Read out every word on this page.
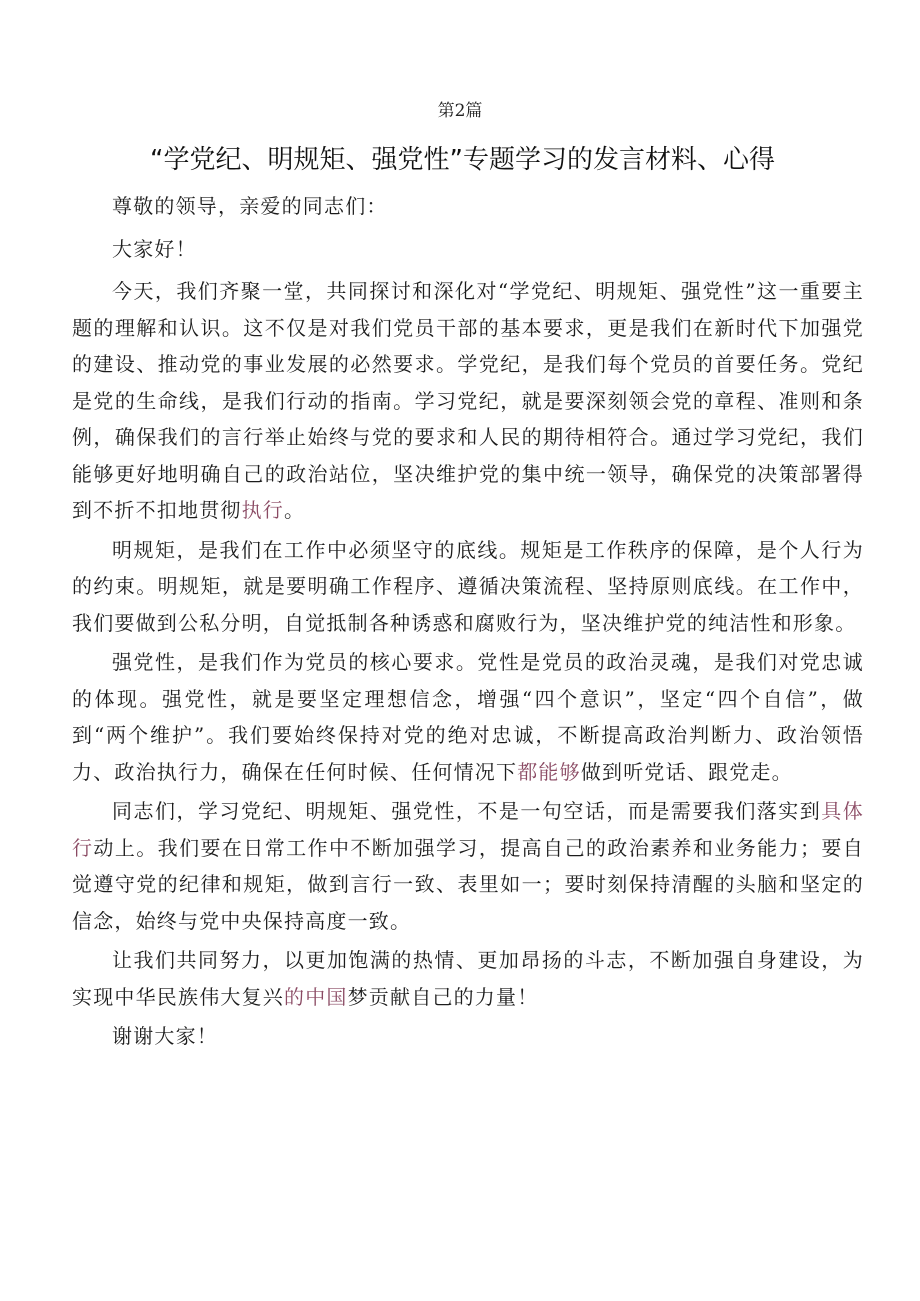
第2篇
“学党纪、明规矩、强党性”专题学习的发言材料、心得

尊敬的领导，亲爱的同志们：

大家好！

今天，我们齐聚一堂，共同探讨和深化对“学党纪、明规矩、强党性”这一重要主题的理解和认识。这不仅是对我们党员干部的基本要求，更是我们在新时代下加强党的建设、推动党的事业发展的必然要求。学党纪，是我们每个党员的首要任务。党纪是党的生命线，是我们行动的指南。学习党纪，就是要深刻领会党的章程、准则和条例，确保我们的言行举止始终与党的要求和人民的期待相符合。通过学习党纪，我们能够更好地明确自己的政治站位，坚决维护党的集中统一领导，确保党的决策部署得到不折不扣地贯彻执行。

明规矩，是我们在工作中必须坚守的底线。规矩是工作秩序的保障，是个人行为的约束。明规矩，就是要明确工作程序、遵循决策流程、坚持原则底线。在工作中，我们要做到公私分明，自觉抵制各种诱惑和腐败行为，坚决维护党的纯洁性和形象。

强党性，是我们作为党员的核心要求。党性是党员的政治灵魂，是我们对党忠诚的体现。强党性，就是要坚定理想信念，增强“四个意识”，坚定“四个自信”，做到“两个维护”。我们要始终保持对党的绝对忠诚，不断提高政治判断力、政治领悟力、政治执行力，确保在任何时候、任何情况下都能够做到听党话、跟党走。

同志们，学习党纪、明规矩、强党性，不是一句空话，而是需要我们落实到具体行动上。我们要在日常工作中不断加强学习，提高自己的政治素养和业务能力；要自觉遵守党的纪律和规矩，做到言行一致、表里如一；要时刻保持清醒的头脑和坚定的信念，始终与党中央保持高度一致。

让我们共同努力，以更加饱满的热情、更加昂扬的斗志，不断加强自身建设，为实现中华民族伟大复兴的中国梦贡献自己的力量！

谢谢大家！
